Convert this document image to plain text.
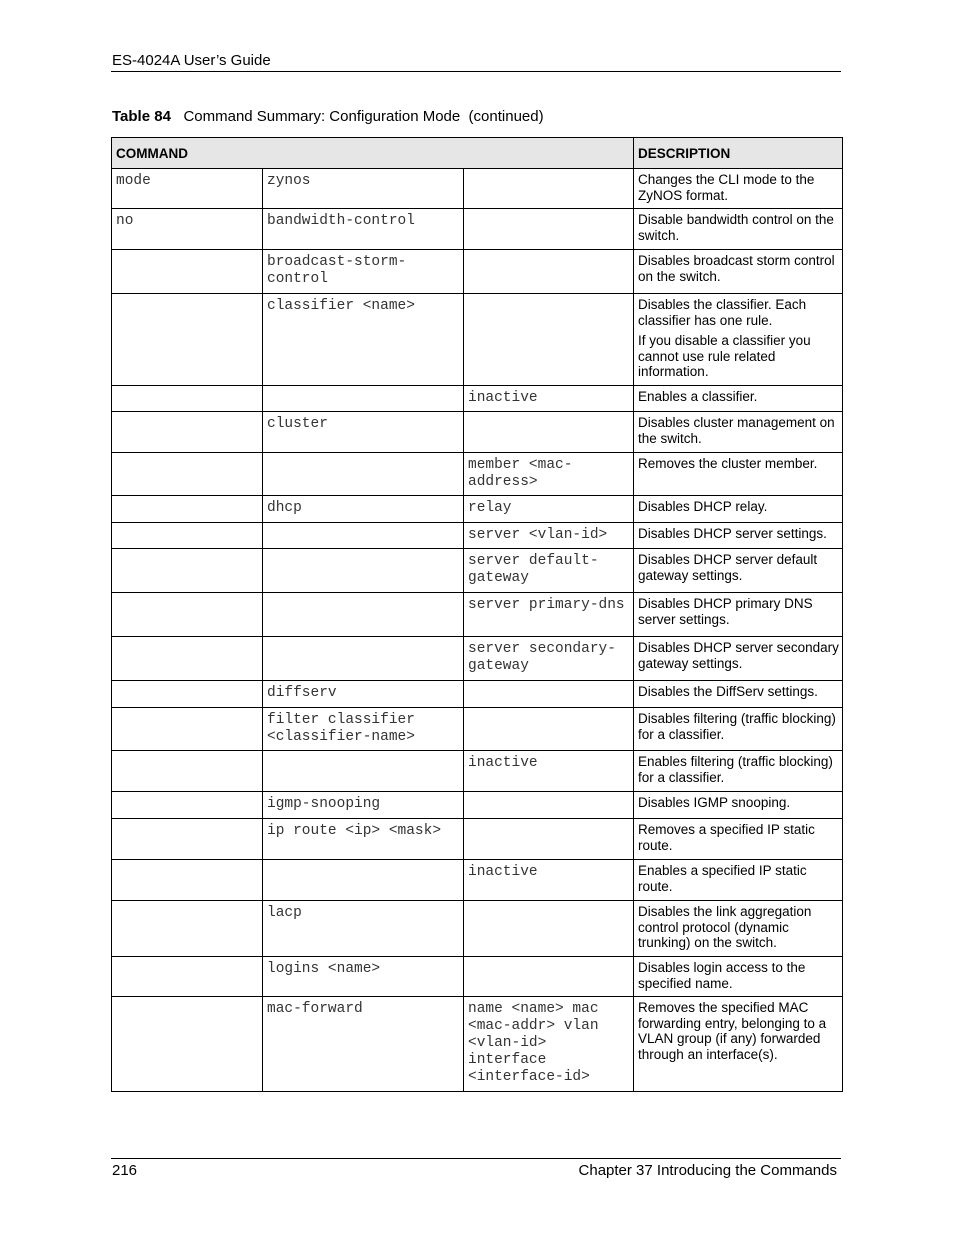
ES-4024A User’s Guide
Table 84 Command Summary: Configuration Mode  (continued)
COMMAND			DESCRIPTION

mode	zynos		Changes the CLI mode to the ZyNOS format.

no	bandwidth-control		Disable bandwidth control on the switch.

	broadcast-storm-control		Disables broadcast storm control on the switch.

	classifier <name>		Disables the classifier. Each classifier has one rule.

If you disable a classifier you cannot use rule related information.

		inactive	Enables a classifier.

	cluster		Disables cluster management on the switch.

		member <mac-address>	Removes the cluster member.

	dhcp	relay	Disables DHCP relay.

		server <vlan-id>	Disables DHCP server settings.

		server default-gateway	Disables DHCP server default gateway settings.

		server primary-dns	Disables DHCP primary DNS server settings.

		server secondary-gateway	Disables DHCP server secondary gateway settings.

	diffserv		Disables the DiffServ settings.

	filter classifier <classifier-name>		Disables filtering (traffic blocking) for a classifier.

		inactive	Enables filtering (traffic blocking) for a classifier.

	igmp-snooping		Disables IGMP snooping.

	ip route <ip> <mask>		Removes a specified IP static route.

		inactive	Enables a specified IP static route.

	lacp		Disables the link aggregation control protocol (dynamic trunking) on the switch.

	logins <name>		Disables login access to the specified name.

	mac-forward	name <name> mac <mac-addr> vlan <vlan-id> interface <interface-id>	Removes the specified MAC forwarding entry, belonging to a VLAN group (if any) forwarded through an interface(s).

216	Chapter 37 Introducing the Commands
